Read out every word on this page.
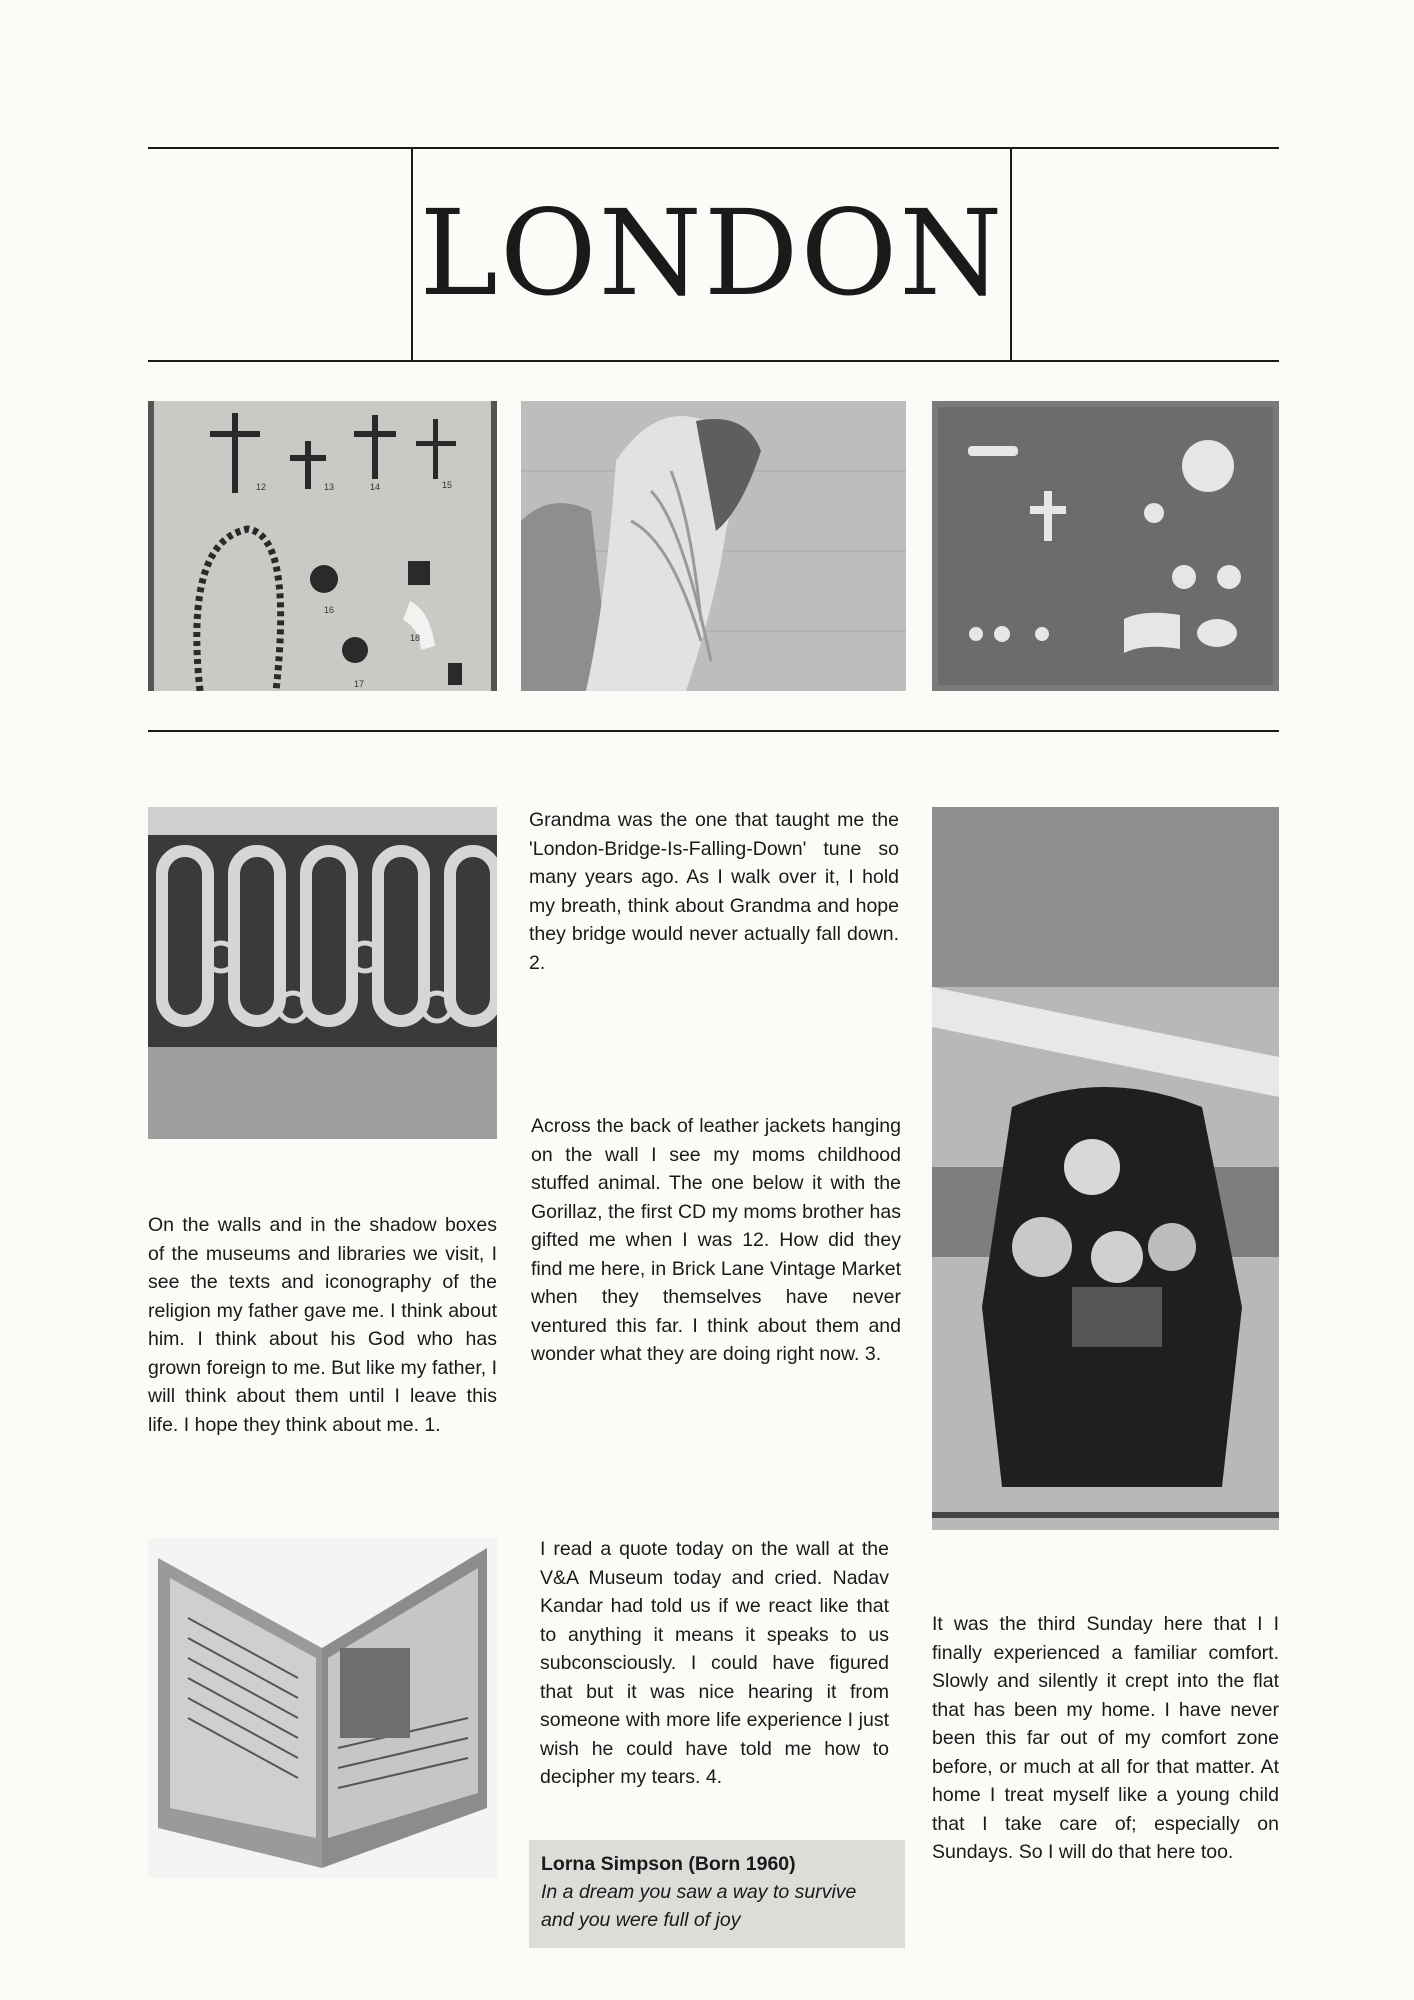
LONDON
12	13	14	15
16
18
17

Grandma was the one that taught me the 'London-Bridge-Is-Falling-Down' tune so many years ago. As I walk over it, I hold my breath, think about Grandma and hope they bridge would never actually fall down. 2.

On the walls and in the shadow boxes of the museums and libraries we visit, I see the texts and iconography of the religion my father gave me. I think about him. I think about his God who has grown foreign to me. But like my father, I will think about them until I leave this life. I hope they think about me. 1.

Across the back of leather jackets hanging on the wall I see my moms childhood stuffed animal. The one below it with the Gorillaz, the first CD my moms brother has gifted me when I was 12. How did they find me here, in Brick Lane Vintage Market when they themselves have never ventured this far. I think about them and wonder what they are doing right now. 3.

I read a quote today on the wall at the V&A Museum today and cried. Nadav Kandar had told us if we react like that to anything it means it speaks to us subconsciously. I could have figured that but it was nice hearing it from someone with more life experience I just wish he could have told me how to decipher my tears. 4.

It was the third Sunday here that I I finally experienced a familiar comfort. Slowly and silently it crept into the flat that has been my home. I have never been this far out of my comfort zone before, or much at all for that matter. At home I treat myself like a young child that I take care of; especially on Sundays. So I will do that here too.

Lorna Simpson (Born 1960)
In a dream you saw a way to survive
and you were full of joy
